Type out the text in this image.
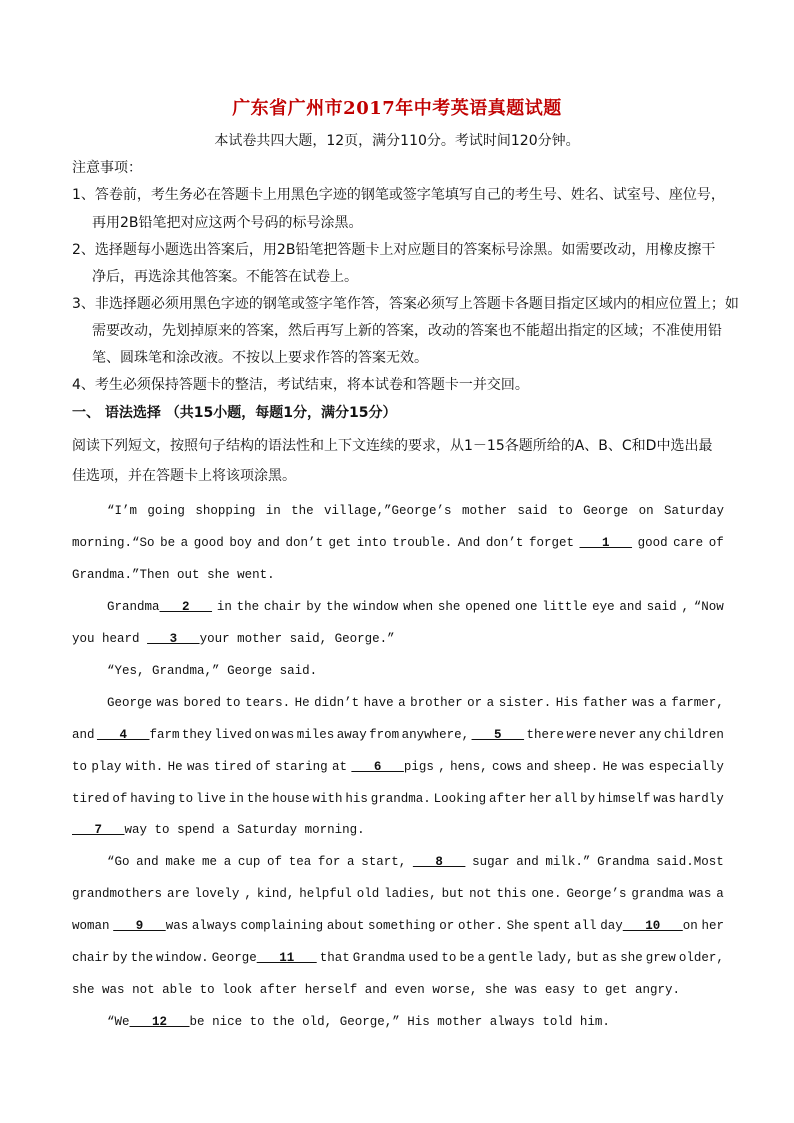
广东省广州市2017年中考英语真题试题
本试卷共四大题，12页，满分110分。考试时间120分钟。
注意事项：
1、答卷前，考生务必在答题卡上用黑色字迹的钢笔或签字笔填写自己的考生号、姓名、试室号、座位号，
再用2B铅笔把对应这两个号码的标号涂黑。
2、选择题每小题选出答案后，用2B铅笔把答题卡上对应题目的答案标号涂黑。如需要改动，用橡皮擦干
净后，再选涂其他答案。不能答在试卷上。
3、非选择题必须用黑色字迹的钢笔或签字笔作答，答案必须写上答题卡各题目指定区域内的相应位置上；如
需要改动，先划掉原来的答案，然后再写上新的答案，改动的答案也不能超出指定的区域；不准使用铅
笔、圆珠笔和涂改液。不按以上要求作答的答案无效。
4、考生必须保持答题卡的整洁，考试结束，将本试卷和答题卡一并交回。
一、 语法选择 （共15小题，每题1分，满分15分）
阅读下列短文，按照句子结构的语法性和上下文连续的要求，从1－15各题所给的A、B、C和D中选出最
佳选项，并在答题卡上将该项涂黑。
“I’m going shopping in the village,”George’s mother said to George on Saturday
morning.“So be a good boy and don’t get into trouble. And don’t forget 1 good care of
Grandma.”Then out she went.
Grandma   2 in the chair by the window when she opened one little eye and said , “Now
you heard 3   your mother said, George.”
“Yes, Grandma,” George said.
George was bored to tears. He didn’t have a brother or a sister. His father was a farmer,
and 4   farm they lived on was miles away from anywhere, 5 there were never any children
to play with. He was tired of staring at 6   pigs , hens, cows and sheep. He was especially
tired of having to live in the house with his grandma. Looking after her all by himself was hardly
7   way to spend a Saturday morning.
“Go and make me a cup of tea for a start, 8 sugar and milk.” Grandma said.Most
grandmothers are lovely , kind, helpful old ladies, but not this one. George’s grandma was a
woman 9   was always complaining about something or other. She spent all day   10   on her
chair by the window. George   11 that Grandma used to be a gentle lady, but as she grew older,
she was not able to look after herself and even worse, she was easy to get angry.
“We   12   be nice to the old, George,” His mother always told him.
